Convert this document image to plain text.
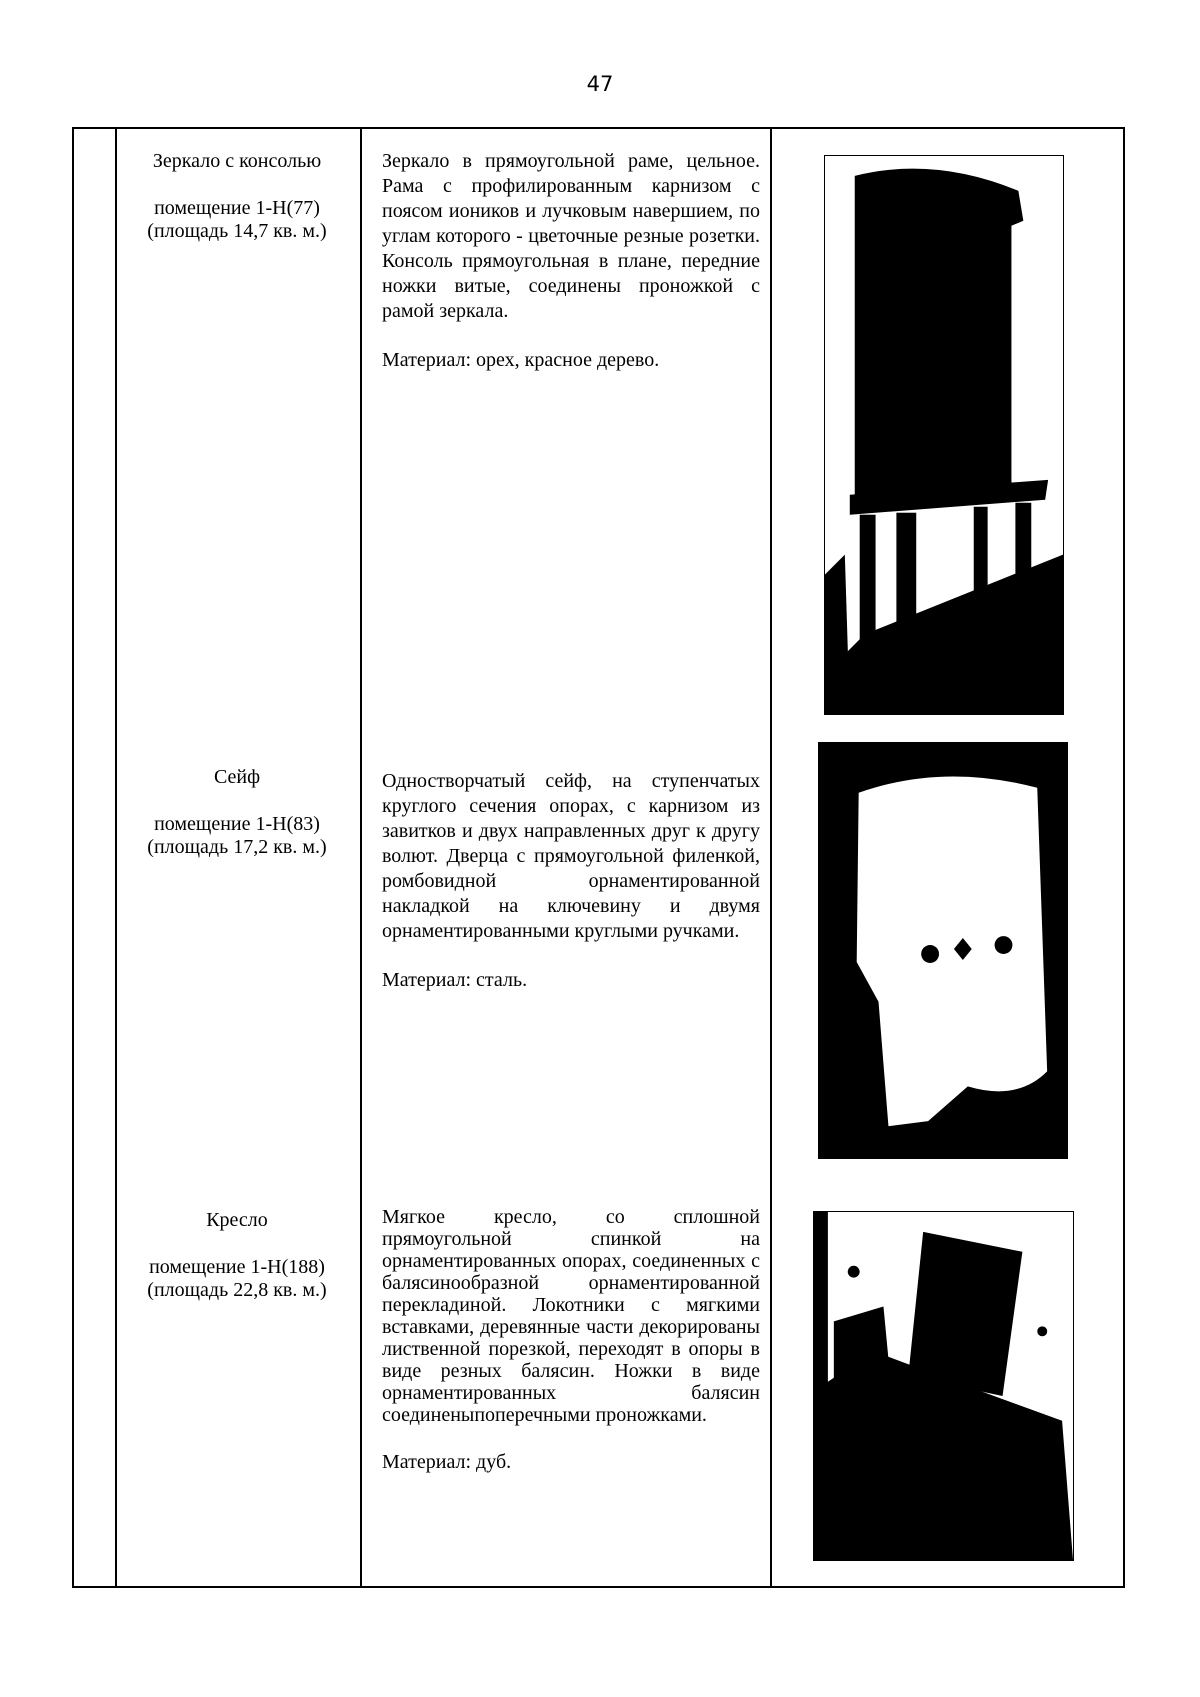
47

Зеркало с консолью

помещение 1-Н(77)

(площадь 14,7 кв. м.)

Зеркало в прямоугольной раме, цельное. Рама с профилированным карнизом с поясом иоников и лучковым навершием, по углам которого - цветочные резные розетки. Консоль прямоугольная в плане, передние ножки витые, соединены проножкой с рамой зеркала.

Материал: орех, красное дерево.

Сейф

помещение 1-Н(83)

(площадь 17,2 кв. м.)

Одностворчатый сейф, на ступенчатых круглого сечения опорах, с карнизом из завитков и двух направленных друг к другу волют. Дверца с прямоугольной филенкой, ромбовидной орнаментированной накладкой на ключевину и двумя орнаментированными круглыми ручками.

Материал: сталь.

Кресло

помещение 1-Н(188)

(площадь 22,8 кв. м.)

Мягкое кресло, со сплошной прямоугольной спинкой на орнаментированных опорах, соединенных с балясинообразной орнаментированной перекладиной. Локотники с мягкими вставками, деревянные части декорированы лиственной порезкой, переходят в опоры в виде резных балясин. Ножки в виде орнаментированных балясин соединеныпоперечными проножками.

Материал: дуб.
